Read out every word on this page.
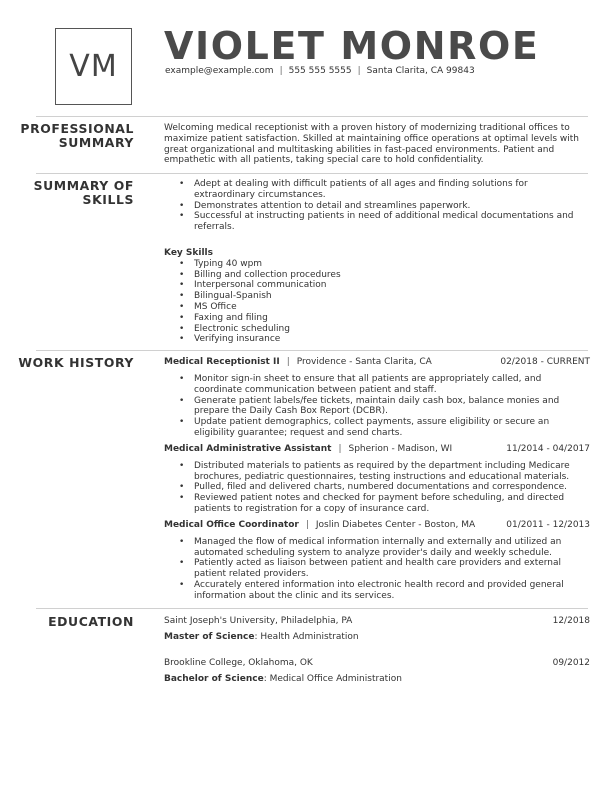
VM VIOLET MONROE
example@example.com | 555 555 5555 | Santa Clarita, CA 99843
PROFESSIONAL
SUMMARY
Welcoming medical receptionist with a proven history of modernizing traditional offices to maximize patient satisfaction. Skilled at maintaining office operations at optimal levels with great organizational and multitasking abilities in fast-paced environments. Patient and empathetic with all patients, taking special care to hold confidentiality.
SUMMARY OF
SKILLS
• Adept at dealing with difficult patients of all ages and finding solutions for extraordinary circumstances.
• Demonstrates attention to detail and streamlines paperwork.
• Successful at instructing patients in need of additional medical documentations and referrals.
Key Skills
• Typing 40 wpm
• Billing and collection procedures
• Interpersonal communication
• Bilingual-Spanish
• MS Office
• Faxing and filing
• Electronic scheduling
• Verifying insurance
WORK HISTORY	Medical Receptionist II | Providence - Santa Clarita, CA	02/2018 - CURRENT
• Monitor sign-in sheet to ensure that all patients are appropriately called, and coordinate communication between patient and staff.
• Generate patient labels/fee tickets, maintain daily cash box, balance monies and prepare the Daily Cash Box Report (DCBR).
• Update patient demographics, collect payments, assure eligibility or secure an eligibility guarantee; request and send charts.
Medical Administrative Assistant | Spherion - Madison, WI	11/2014 - 04/2017
• Distributed materials to patients as required by the department including Medicare brochures, pediatric questionnaires, testing instructions and educational materials.
• Pulled, filed and delivered charts, numbered documentations and correspondence.
• Reviewed patient notes and checked for payment before scheduling, and directed patients to registration for a copy of insurance card.
Medical Office Coordinator | Joslin Diabetes Center - Boston, MA	01/2011 - 12/2013
• Managed the flow of medical information internally and externally and utilized an automated scheduling system to analyze provider's daily and weekly schedule.
• Patiently acted as liaison between patient and health care providers and external patient related providers.
• Accurately entered information into electronic health record and provided general information about the clinic and its services.
EDUCATION	Saint Joseph's University, Philadelphia, PA	12/2018
Master of Science: Health Administration
Brookline College, Oklahoma, OK	09/2012
Bachelor of Science: Medical Office Administration
